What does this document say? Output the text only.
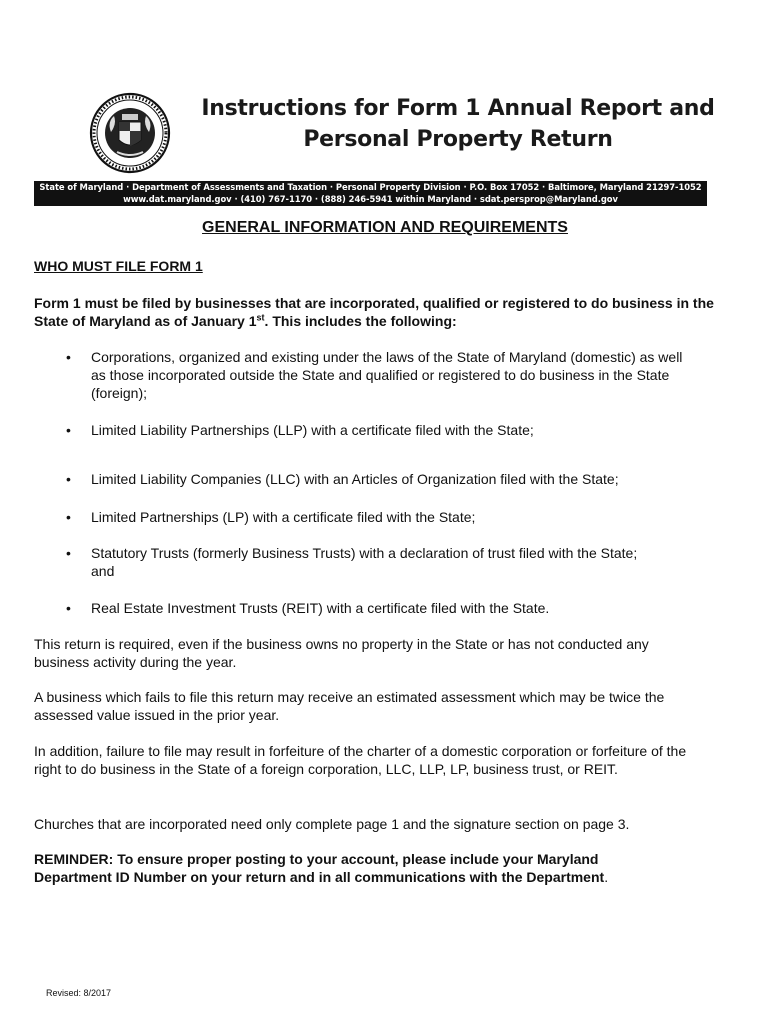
Instructions for Form 1 Annual Report and
Personal Property Return
State of Maryland · Department of Assessments and Taxation · Personal Property Division · P.O. Box 17052 · Baltimore, Maryland 21297-1052
www.dat.maryland.gov · (410) 767-1170 · (888) 246-5941 within Maryland · sdat.persprop@Maryland.gov
GENERAL INFORMATION AND REQUIREMENTS
WHO MUST FILE FORM 1
Form 1 must be filed by businesses that are incorporated, qualified or registered to do business in the State of Maryland as of January 1st. This includes the following:
• Corporations, organized and existing under the laws of the State of Maryland (domestic) as well as those incorporated outside the State and qualified or registered to do business in the State (foreign);
• Limited Liability Partnerships (LLP) with a certificate filed with the State;
• Limited Liability Companies (LLC) with an Articles of Organization filed with the State;
• Limited Partnerships (LP) with a certificate filed with the State;
• Statutory Trusts (formerly Business Trusts) with a declaration of trust filed with the State; and
• Real Estate Investment Trusts (REIT) with a certificate filed with the State.
This return is required, even if the business owns no property in the State or has not conducted any business activity during the year.
A business which fails to file this return may receive an estimated assessment which may be twice the assessed value issued in the prior year.
In addition, failure to file may result in forfeiture of the charter of a domestic corporation or forfeiture of the right to do business in the State of a foreign corporation, LLC, LLP, LP, business trust, or REIT.
Churches that are incorporated need only complete page 1 and the signature section on page 3.
REMINDER: To ensure proper posting to your account, please include your Maryland Department ID Number on your return and in all communications with the Department.
Revised: 8/2017
